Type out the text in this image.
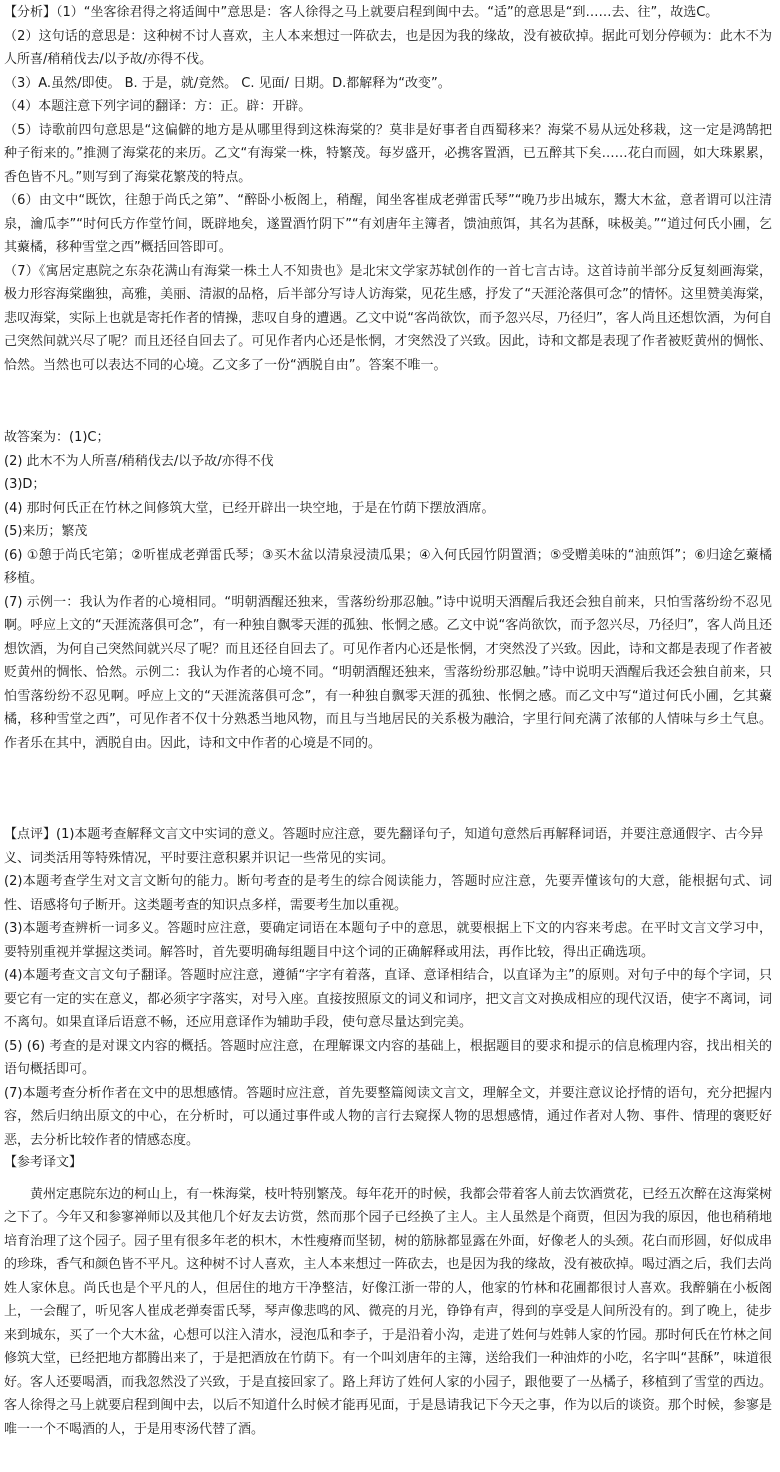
【分析】（1）“坐客徐君得之将适闽中”意思是：客人徐得之马上就要启程到闽中去。“适”的意思是“到……去、往”，故选C。

（2）这句话的意思是：这种树不讨人喜欢，主人本来想过一阵砍去，也是因为我的缘故，没有被砍掉。据此可划分停顿为：此木不为人所喜/稍稍伐去/以予故/亦得不伐。

（3）A.虽然/即使。 B. 于是，就/竟然。 C. 见面/ 日期。D.都解释为“改变”。

（4）本题注意下列字词的翻译：方：正。辟：开辟。

（5）诗歌前四句意思是“这偏僻的地方是从哪里得到这株海棠的？莫非是好事者自西蜀移来？海棠不易从远处移栽，这一定是鸿鹄把种子衔来的。”推测了海棠花的来历。乙文“有海棠一株，特繁茂。每岁盛开，必携客置酒，已五醉其下矣……花白而圆，如大珠累累，香色皆不凡。”则写到了海棠花繁茂的特点。

（6）由文中“既饮，往憩于尚氏之第”、“醉卧小板阁上，稍醒，闻坐客崔成老弹雷氏琴”“晚乃步出城东，鬻大木盆，意者谓可以注清泉，瀹瓜李”“时何氏方作堂竹间，既辟地矣，遂置酒竹阴下”“有刘唐年主簿者，馈油煎饵，其名为甚酥，味极美。”“道过何氏小圃，乞其藂橘，移种雪堂之西”概括回答即可。

（7）《寓居定惠院之东杂花满山有海棠一株土人不知贵也》是北宋文学家苏轼创作的一首七言古诗。这首诗前半部分反复刻画海棠，极力形容海棠幽独，高雅，美丽、清淑的品格，后半部分写诗人访海棠，见花生感，抒发了“天涯沦落俱可念”的情怀。这里赞美海棠，悲叹海棠，实际上也就是寄托作者的情操，悲叹自身的遭遇。乙文中说“客尚欲饮，而予忽兴尽，乃径归”，客人尚且还想饮酒，为何自己突然间就兴尽了呢？而且还径自回去了。可见作者内心还是怅惘，才突然没了兴致。因此，诗和文都是表现了作者被贬黄州的惆怅、恰然。当然也可以表达不同的心境。乙文多了一份“洒脱自由”。答案不唯一。

故答案为：(1)C；

(2) 此木不为人所喜/稍稍伐去/以予故/亦得不伐

(3)D；

(4) 那时何氏正在竹林之间修筑大堂，已经开辟出一块空地，于是在竹荫下摆放酒席。

(5)来历；繁茂

(6) ①憩于尚氏宅第；②听崔成老弹雷氏琴；③买木盆以清泉浸渍瓜果；④入何氏园竹阴置酒；⑤受赠美味的“油煎饵”；⑥归途乞藂橘移植。

(7) 示例一：我认为作者的心境相同。“明朝酒醒还独来，雪落纷纷那忍触。”诗中说明天酒醒后我还会独自前来，只怕雪落纷纷不忍见啊。呼应上文的“天涯流落俱可念”，有一种独自飘零天涯的孤独、怅惘之感。乙文中说“客尚欲饮，而予忽兴尽，乃径归”，客人尚且还想饮酒，为何自己突然间就兴尽了呢？而且还径自回去了。可见作者内心还是怅惘，才突然没了兴致。因此，诗和文都是表现了作者被贬黄州的惆怅、恰然。示例二：我认为作者的心境不同。“明朝酒醒还独来，雪落纷纷那忍触。”诗中说明天酒醒后我还会独自前来，只怕雪落纷纷不忍见啊。呼应上文的“天涯流落俱可念”，有一种独自飘零天涯的孤独、怅惘之感。而乙文中写“道过何氏小圃，乞其藂橘，移种雪堂之西”，可见作者不仅十分熟悉当地风物，而且与当地居民的关系极为融洽，字里行间充满了浓郁的人情味与乡土气息。作者乐在其中，洒脱自由。因此，诗和文中作者的心境是不同的。

【点评】

(1)本题考查解释文言文中实词的意义。答题时应注意，要先翻译句子，知道句意然后再解释词语，并要注意通假字、古今异义、词类活用等特殊情况，平时要注意积累并识记一些常见的实词。

(2)本题考查学生对文言文断句的能力。断句考查的是考生的综合阅读能力，答题时应注意，先要弄懂该句的大意，能根据句式、词性、语感将句子断开。这类题考查的知识点多样，需要考生加以重视。

(3)本题考查辨析一词多义。答题时应注意，要确定词语在本题句子中的意思，就要根据上下文的内容来考虑。在平时文言文学习中，要特别重视并掌握这类词。解答时，首先要明确每组题目中这个词的正确解释或用法，再作比较，得出正确选项。

(4)本题考查文言文句子翻译。答题时应注意，遵循“字字有着落，直译、意译相结合，以直译为主”的原则。对句子中的每个字词，只要它有一定的实在意义，都必须字字落实，对号入座。直接按照原文的词义和词序，把文言文对换成相应的现代汉语，使字不离词，词不离句。如果直译后语意不畅，还应用意译作为辅助手段，使句意尽量达到完美。

(5) (6) 考查的是对课文内容的概括。答题时应注意，在理解课文内容的基础上，根据题目的要求和提示的信息梳理内容，找出相关的语句概括即可。

(7)本题考查分析作者在文中的思想感情。答题时应注意，首先要整篇阅读文言文，理解全文，并要注意议论抒情的语句，充分把握内容，然后归纳出原文的中心，在分析时，可以通过事件或人物的言行去窥探人物的思想感情，通过作者对人物、事件、情理的褒贬好恶，去分析比较作者的情感态度。

【参考译文】

黄州定惠院东边的柯山上，有一株海棠，枝叶特别繁茂。每年花开的时候，我都会带着客人前去饮酒赏花，已经五次醉在这海棠树之下了。今年又和参寥禅师以及其他几个好友去访赏，然而那个园子已经换了主人。主人虽然是个商贾，但因为我的原因，他也稍稍地培育治理了这个园子。园子里有很多年老的枳木，木性瘦瘠而坚韧，树的筋脉都显露在外面，好像老人的头颈。花白而形圆，好似成串的珍珠，香气和颜色皆不平凡。这种树不讨人喜欢，主人本来想过一阵砍去，也是因为我的缘故，没有被砍掉。喝过酒之后，我们去尚姓人家休息。尚氏也是个平凡的人，但居住的地方干净整洁，好像江浙一带的人，他家的竹林和花圃都很讨人喜欢。我醉躺在小板阁上，一会醒了，听见客人崔成老弹奏雷氏琴，琴声像悲鸣的风、微亮的月光，铮铮有声，得到的享受是人间所没有的。到了晚上，徒步来到城东，买了一个大木盆，心想可以注入清水，浸泡瓜和李子，于是沿着小沟，走进了姓何与姓韩人家的竹园。那时何氏在竹林之间修筑大堂，已经把地方都腾出来了，于是把酒放在竹荫下。有一个叫刘唐年的主簿，送给我们一种油炸的小吃，名字叫“甚酥”，味道很好。客人还要喝酒，而我忽然没了兴致，于是直接回家了。路上拜访了姓何人家的小园子，跟他要了一丛橘子，移植到了雪堂的西边。客人徐得之马上就要启程到闽中去，以后不知道什么时候才能再见面，于是恳请我记下今天之事，作为以后的谈资。那个时候，参寥是唯一一个不喝酒的人，于是用枣汤代替了酒。
